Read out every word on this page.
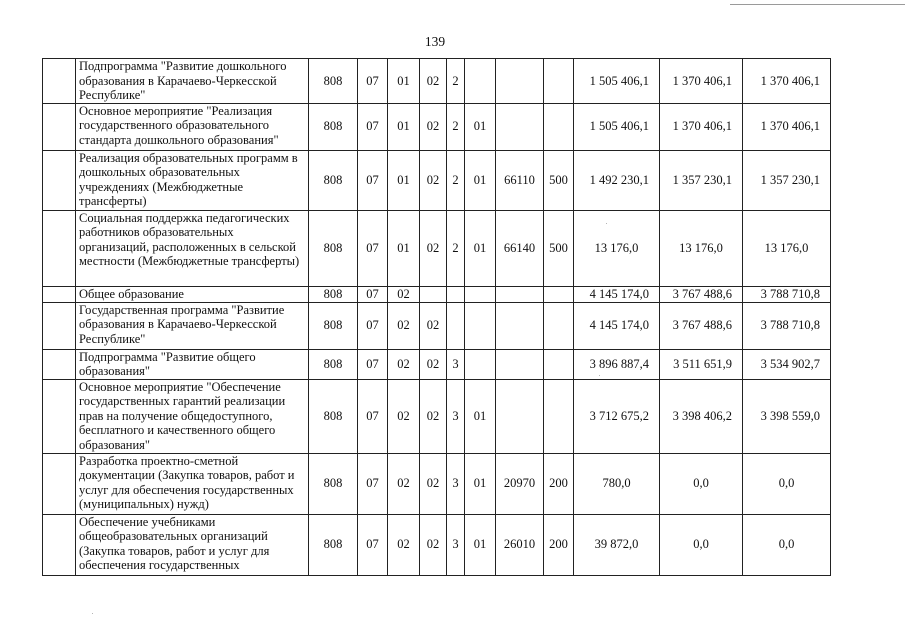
139
	Подпрограмма "Развитие дошкольного образования в Карачаево-Черкесской Республике"	808	07	01	02	2				1 505 406,1	1 370 406,1	1 370 406,1
	Основное мероприятие "Реализация государственного образовательного стандарта дошкольного образования"	808	07	01	02	2	01			1 505 406,1	1 370 406,1	1 370 406,1
	Реализация образовательных программ в дошкольных образовательных учреждениях (Межбюджетные трансферты)	808	07	01	02	2	01	66110	500	1 492 230,1	1 357 230,1	1 357 230,1
	Социальная поддержка педагогических работников образовательных организаций, расположенных в сельской местности (Межбюджетные трансферты)	808	07	01	02	2	01	66140	500	13 176,0	13 176,0	13 176,0
	Общее образование	808	07	02						4 145 174,0	3 767 488,6	3 788 710,8
	Государственная программа "Развитие образования в Карачаево-Черкесской Республике"	808	07	02	02					4 145 174,0	3 767 488,6	3 788 710,8
	Подпрограмма "Развитие общего образования"	808	07	02	02	3				3 896 887,4	3 511 651,9	3 534 902,7
	Основное мероприятие "Обеспечение государственных гарантий реализации прав на получение общедоступного, бесплатного и качественного общего образования"	808	07	02	02	3	01			3 712 675,2	3 398 406,2	3 398 559,0
	Разработка проектно-сметной документации (Закупка товаров, работ и услуг для обеспечения государственных (муниципальных) нужд)	808	07	02	02	3	01	20970	200	780,0	0,0	0,0
	Обеспечение учебниками общеобразовательных организаций (Закупка товаров, работ и услуг для обеспечения государственных	808	07	02	02	3	01	26010	200	39 872,0	0,0	0,0
